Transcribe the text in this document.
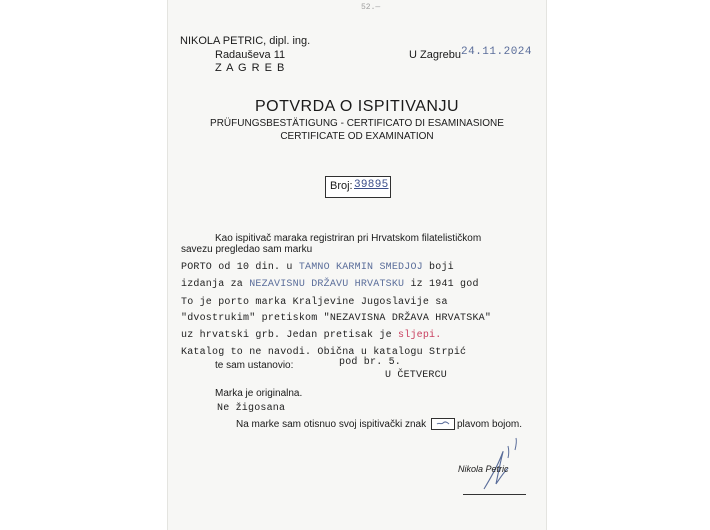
52.—
NIKOLA PETRIC, dipl. ing.
Radauševa 11
Z A G R E B
U Zagrebu 24.11.2024
POTVRDA O ISPITIVANJU
PRÜFUNGSBESTÄTIGUNG - CERTIFICATO DI ESAMINASIONE
CERTIFICATE OD EXAMINATION
Broj: 39895
Kao ispitivač maraka registriran pri Hrvatskom filatelističkom
savezu pregledao sam marku
PORTO od 10 din. u TAMNO KARMIN SMEDJOJ boji
izdanja za NEZAVISNU DRŽAVU HRVATSKU iz 1941 god
To je porto marka Kraljevine Jugoslavije sa
"dvostrukim" pretiskom "NEZAVISNA DRŽAVA HRVATSKA"
uz hrvatski grb. Jedan pretisak je sljepi.
Katalog to ne navodi. Obična u katalogu Strpić
te sam ustanovio:	pod br. 5.
U ČETVERCU
Marka je originalna.
Ne žigosana
Na marke sam otisnuo svoj ispitivački znak	plavom bojom.
Nikola Petric
